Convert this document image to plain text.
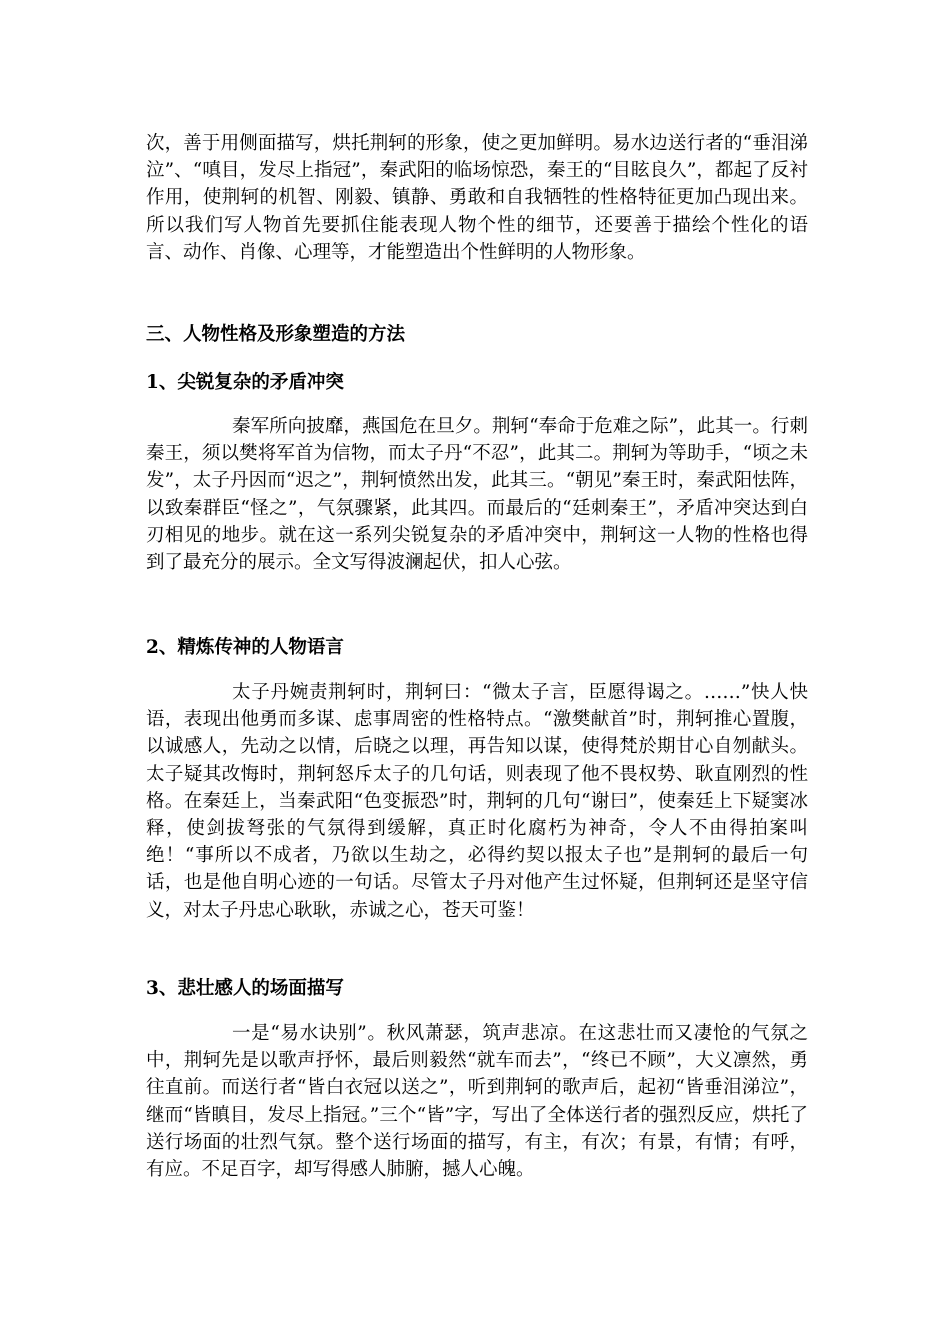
次，善于用侧面描写，烘托荆轲的形象，使之更加鲜明。易水边送行者的“垂泪涕泣”、“嗔目，发尽上指冠”，秦武阳的临场惊恐，秦王的“目眩良久”，都起了反衬作用，使荆轲的机智、刚毅、镇静、勇敢和自我牺牲的性格特征更加凸现出来。所以我们写人物首先要抓住能表现人物个性的细节，还要善于描绘个性化的语言、动作、肖像、心理等，才能塑造出个性鲜明的人物形象。

三、人物性格及形象塑造的方法
1、尖锐复杂的矛盾冲突

秦军所向披靡，燕国危在旦夕。荆轲“奉命于危难之际”，此其一。行刺秦王，须以樊将军首为信物，而太子丹“不忍”，此其二。荆轲为等助手，“顷之未发”，太子丹因而“迟之”，荆轲愤然出发，此其三。“朝见”秦王时，秦武阳怯阵，以致秦群臣“怪之”，气氛骤紧，此其四。而最后的“廷刺秦王”，矛盾冲突达到白刃相见的地步。就在这一系列尖锐复杂的矛盾冲突中，荆轲这一人物的性格也得到了最充分的展示。全文写得波澜起伏，扣人心弦。

2、精炼传神的人物语言

太子丹婉责荆轲时，荆轲曰：“微太子言，臣愿得谒之。……”快人快语，表现出他勇而多谋、虑事周密的性格特点。“激樊献首”时，荆轲推心置腹，以诚感人，先动之以情，后晓之以理，再告知以谋，使得梵於期甘心自刎献头。太子疑其改悔时，荆轲怒斥太子的几句话，则表现了他不畏权势、耿直刚烈的性格。在秦廷上，当秦武阳“色变振恐”时，荆轲的几句“谢曰”，使秦廷上下疑窦冰释，使剑拔弩张的气氛得到缓解，真正时化腐朽为神奇，令人不由得拍案叫绝！“事所以不成者，乃欲以生劫之，必得约契以报太子也”是荆轲的最后一句话，也是他自明心迹的一句话。尽管太子丹对他产生过怀疑，但荆轲还是坚守信义，对太子丹忠心耿耿，赤诚之心，苍天可鉴！

3、悲壮感人的场面描写

一是“易水诀别”。秋风萧瑟，筑声悲凉。在这悲壮而又凄怆的气氛之中，荆轲先是以歌声抒怀，最后则毅然“就车而去”，“终已不顾”，大义凛然，勇往直前。而送行者“皆白衣冠以送之”，听到荆轲的歌声后，起初“皆垂泪涕泣”，继而“皆瞋目，发尽上指冠。”三个“皆”字，写出了全体送行者的强烈反应，烘托了送行场面的壮烈气氛。整个送行场面的描写，有主，有次；有景，有情；有呼，有应。不足百字，却写得感人肺腑，撼人心魄。
